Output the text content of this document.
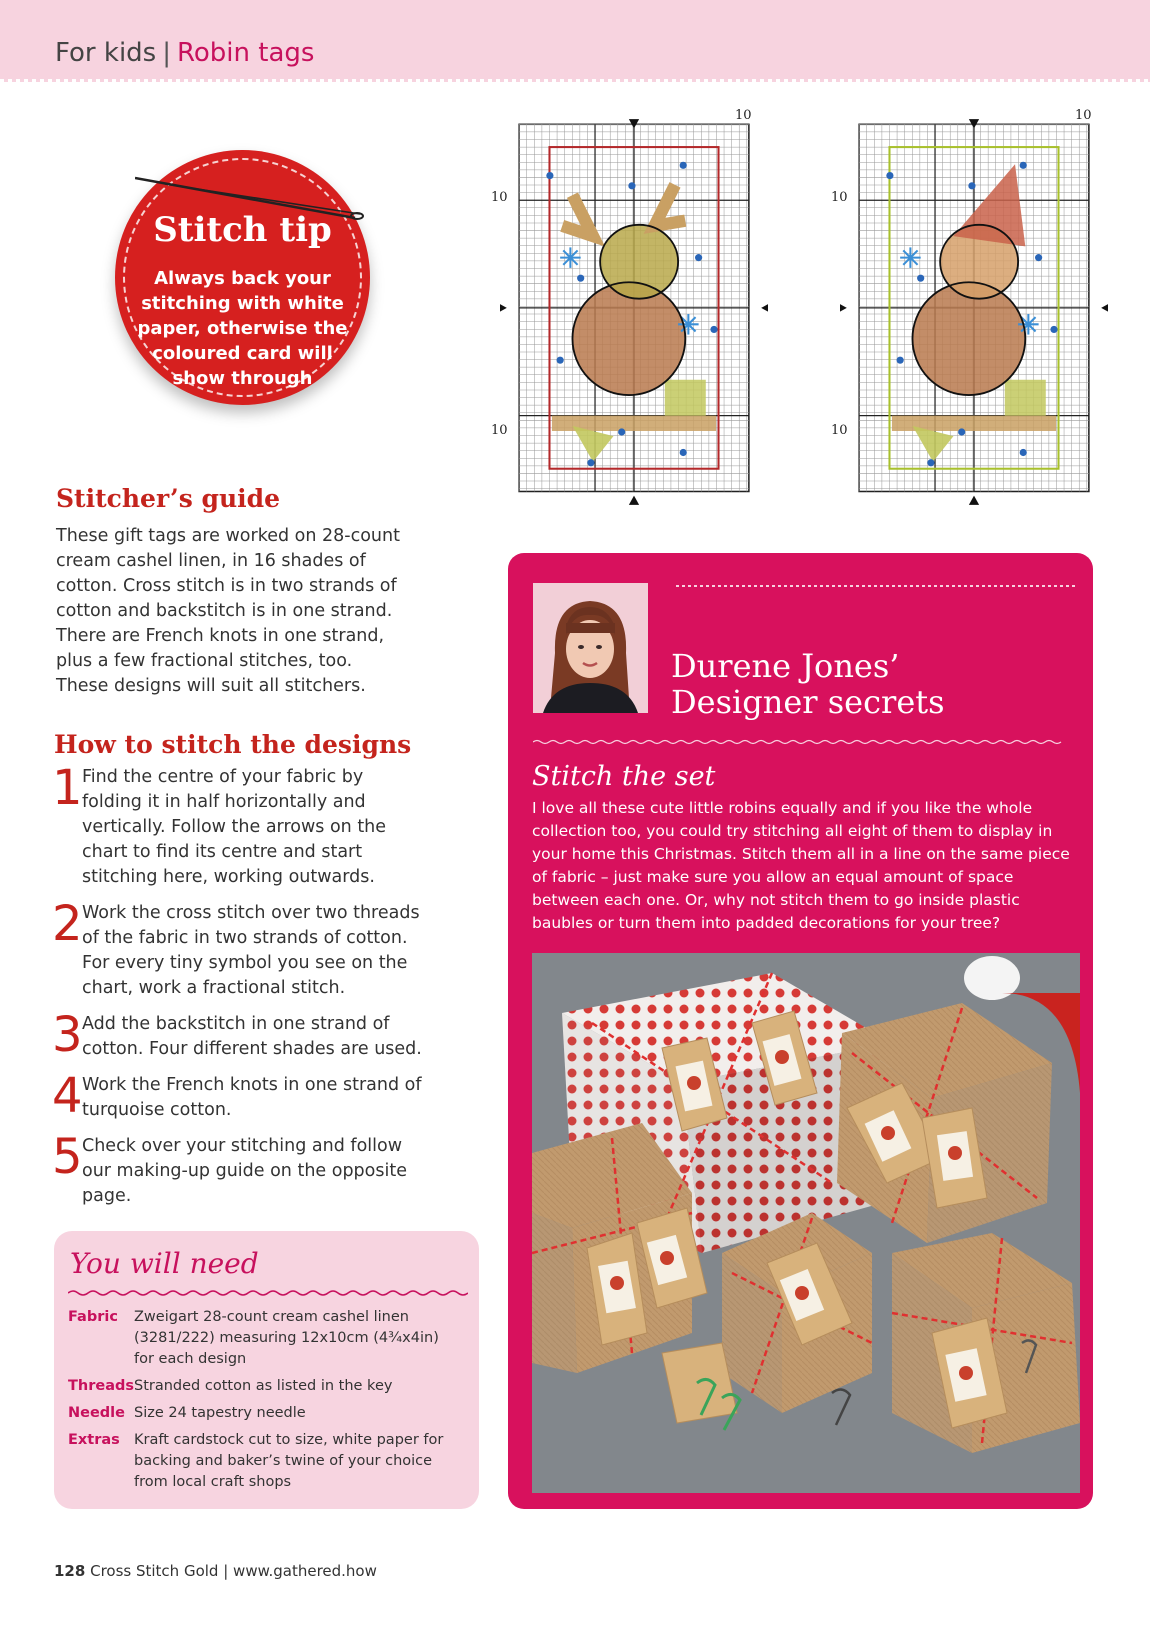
For kids | Robin tags
Stitch tip
Always back your stitching with white paper, otherwise the coloured card will show through
Stitcher’s guide

These gift tags are worked on 28-count cream cashel linen, in 16 shades of cotton. Cross stitch is in two strands of cotton and backstitch is in one strand. There are French knots in one strand, plus a few fractional stitches, too. These designs will suit all stitchers.

How to stitch the designs
1 Find the centre of your fabric by folding it in half horizontally and vertically. Follow the arrows on the chart to find its centre and start stitching here, working outwards.
2 Work the cross stitch over two threads of the fabric in two strands of cotton. For every tiny symbol you see on the chart, work a fractional stitch.
3 Add the backstitch in one strand of cotton. Four different shades are used.
4 Work the French knots in one strand of turquoise cotton.
5 Check over your stitching and follow our making-up guide on the opposite page.
You will need
Fabric	Zweigart 28-count cream cashel linen (3281/222) measuring 12x10cm (4¾x4in) for each design
Threads	Stranded cotton as listed in the key
Needle	Size 24 tapestry needle
Extras	Kraft cardstock cut to size, white paper for backing and baker’s twine of your choice from local craft shops
10
10
10
10
10
10
Durene Jones’
Designer secrets
Stitch the set

I love all these cute little robins equally and if you like the whole collection too, you could try stitching all eight of them to display in your home this Christmas. Stitch them all in a line on the same piece of fabric – just make sure you allow an equal amount of space between each one. Or, why not stitch them to go inside plastic baubles or turn them into padded decorations for your tree?

128 Cross Stitch Gold | www.gathered.how
